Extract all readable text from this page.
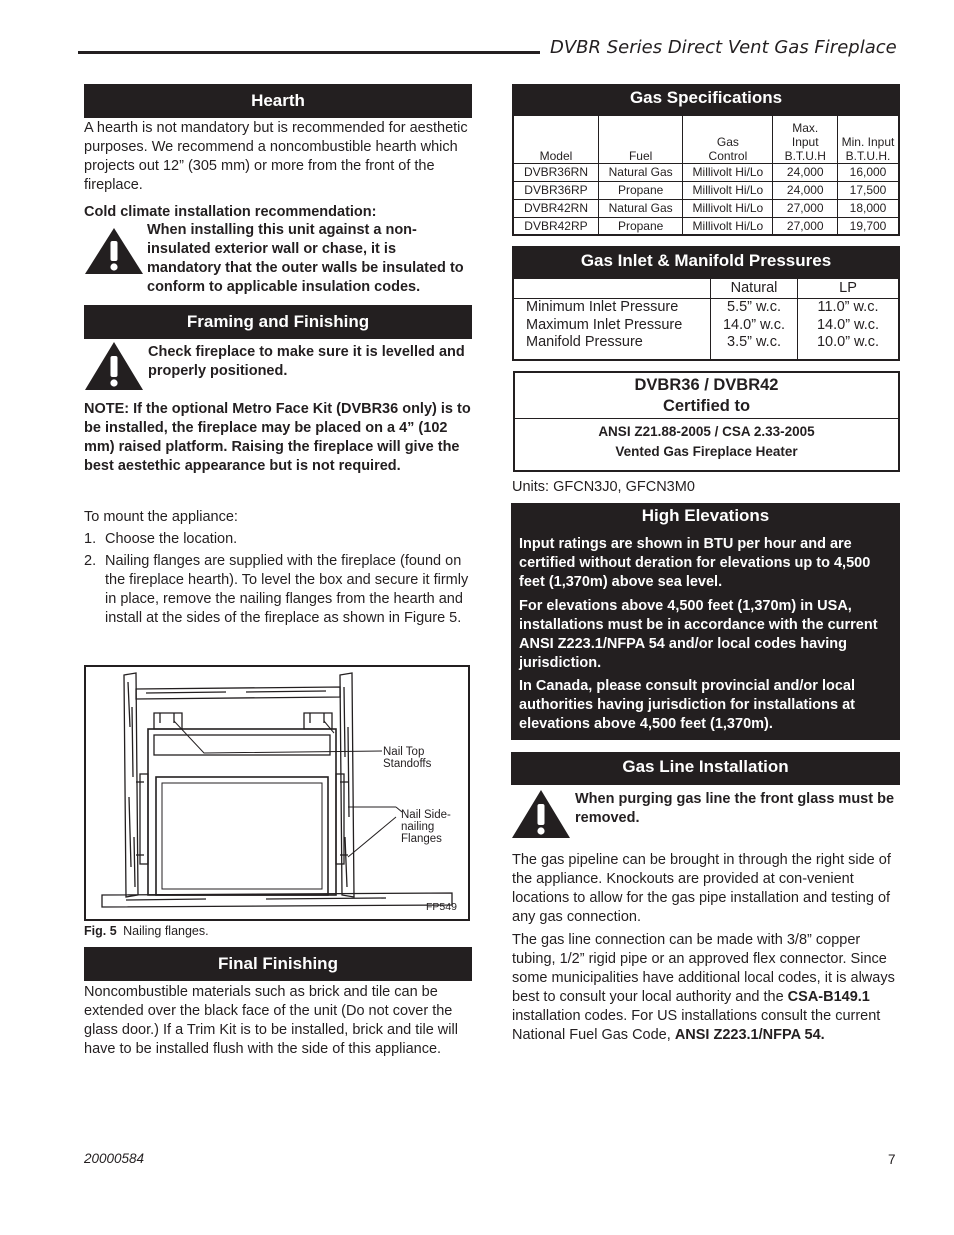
DVBR Series Direct Vent Gas Fireplace
Hearth
A hearth is not mandatory but is recommended for aesthetic purposes. We recommend a noncombustible hearth which projects out 12” (305 mm) or more from the front of the fireplace.
Cold climate installation recommendation:
When installing this unit against a non-insulated exterior wall or chase, it is mandatory that the outer walls be insulated to conform to applicable insulation codes.
Framing and Finishing
Check fireplace to make sure it is levelled and properly positioned.
NOTE: If the optional Metro Face Kit (DVBR36 only) is to be installed, the fireplace may be placed on a 4” (102 mm) raised platform. Raising the fireplace will give the best aestethic appearance but is not required.
To mount the appliance:
1. Choose the location.
2. Nailing flanges are supplied with the fireplace (found on the fireplace hearth). To level the box and secure it firmly in place, remove the nailing flanges from the hearth and install at the sides of the fireplace as shown in Figure 5.
Nail Top Standoffs
Nail Side-nailing Flanges
FP549
Fig. 5 Nailing flanges.
Final Finishing
Noncombustible materials such as brick and tile can be extended over the black face of the unit (Do not cover the glass door.) If a Trim Kit is to be installed, brick and tile will have to be installed flush with the side of this appliance.
Gas Specifications
Model	Fuel	Gas Control	Max. Input B.T.U.H	Min. Input B.T.U.H.
DVBR36RN	Natural Gas	Millivolt Hi/Lo	24,000	16,000
DVBR36RP	Propane	Millivolt Hi/Lo	24,000	17,500
DVBR42RN	Natural Gas	Millivolt Hi/Lo	27,000	18,000
DVBR42RP	Propane	Millivolt Hi/Lo	27,000	19,700
Gas Inlet & Manifold Pressures
	Natural	LP
Minimum Inlet Pressure	5.5” w.c.	11.0” w.c.
Maximum Inlet Pressure	14.0” w.c.	14.0” w.c.
Manifold Pressure	3.5” w.c.	10.0” w.c.
DVBR36 / DVBR42
Certified to
ANSI Z21.88-2005 / CSA 2.33-2005
Vented Gas Fireplace Heater
Units: GFCN3J0, GFCN3M0
High Elevations
Input ratings are shown in BTU per hour and are certified without deration for elevations up to 4,500 feet (1,370m) above sea level.
For elevations above 4,500 feet (1,370m) in USA, installations must be in accordance with the current ANSI Z223.1/NFPA 54 and/or local codes having jurisdiction.
In Canada, please consult provincial and/or local authorities having jurisdiction for installations at elevations above 4,500 feet (1,370m).
Gas Line Installation
When purging gas line the front glass must be removed.
The gas pipeline can be brought in through the right side of the appliance. Knockouts are provided at con-venient locations to allow for the gas pipe installation and testing of any gas connection.
The gas line connection can be made with 3/8” copper tubing, 1/2” rigid pipe or an approved flex connector. Since some municipalities have additional local codes, it is always best to consult your local authority and the CSA-B149.1 installation codes. For US installations consult the current National Fuel Gas Code, ANSI Z223.1/NFPA 54.
20000584	7
